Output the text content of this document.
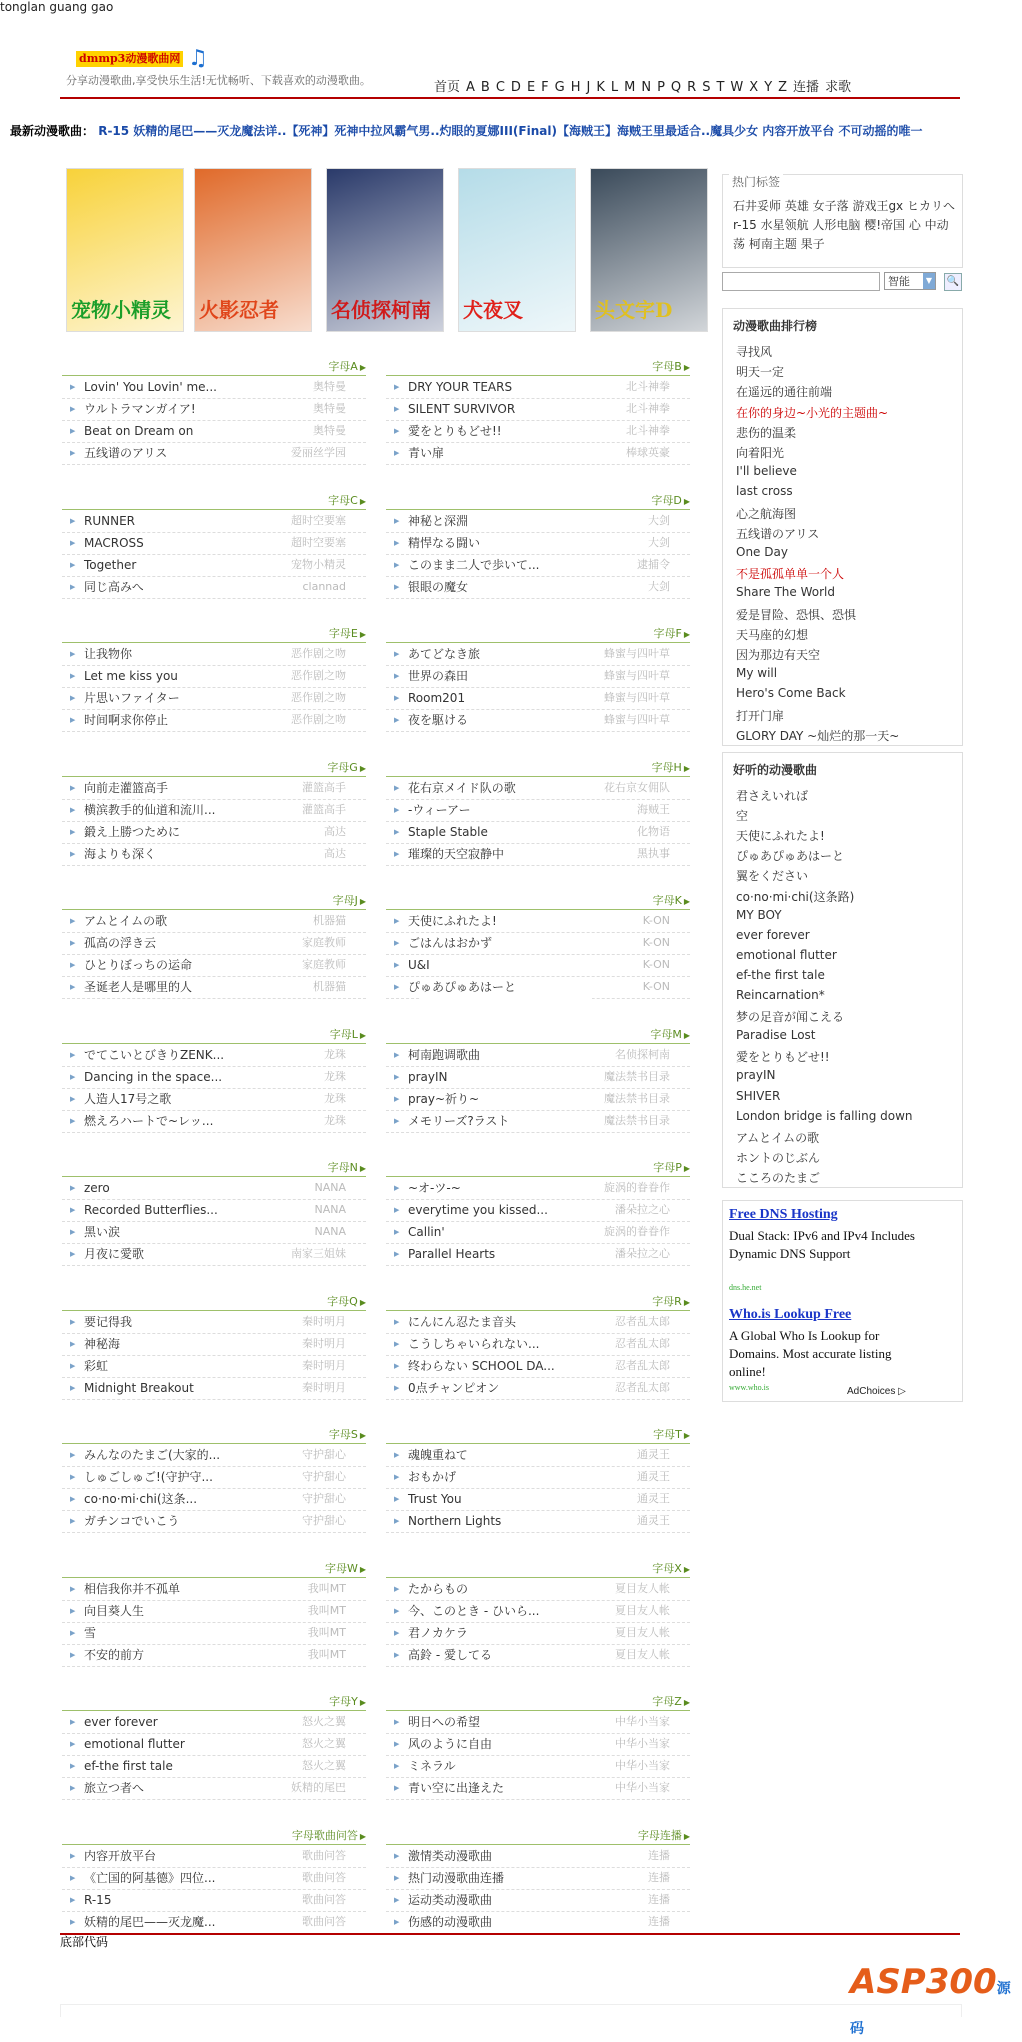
tonglan guang gao
dmmp3动漫歌曲网 ♫
分享动漫歌曲,享受快乐生活!无忧畅听、下载喜欢的动漫歌曲。	首页 A B C D E F G H J K L M N P Q R S T W X Y Z 连播 求歌
最新动漫歌曲： R-15 妖精的尾巴——灭龙魔法详..【死神】死神中拉风霸气男..灼眼的夏娜III(Final)【海贼王】海贼王里最适合..魔具少女 内容开放平台 不可动摇的唯一
宠物小精灵 火影忍者	名侦探柯南 犬夜叉	头文字D
字母A ▶
▶ Lovin' You Lovin' me...	奥特曼
▶ ウルトラマンガイア!	奥特曼
▶ Beat on Dream on	奥特曼
▶ 五线谱のアリス	爱丽丝学园
字母B ▶
▶ DRY YOUR TEARS	北斗神拳
▶ SILENT SURVIVOR	北斗神拳
▶ 愛をとりもどせ!!	北斗神拳
▶ 青い扉	棒球英豪
字母C ▶
▶ RUNNER	超时空要塞
▶ MACROSS	超时空要塞
▶ Together	宠物小精灵
▶ 同じ高みへ	clannad
字母D ▶
▶ 神秘と深淵	大剑
▶ 精悍なる闘い	大剑
▶ このまま二人で歩いて...	逮捕令
▶ 银眼の魔女	大剑
字母E ▶
▶ 让我物你	恶作剧之吻
▶ Let me kiss you	恶作剧之吻
▶ 片思いファイター	恶作剧之吻
▶ 时间啊求你停止	恶作剧之吻
字母F ▶
▶ あてどなき旅	蜂蜜与四叶草
▶ 世界の森田	蜂蜜与四叶草
▶ Room201	蜂蜜与四叶草
▶ 夜を駆ける	蜂蜜与四叶草
字母G ▶
▶ 向前走灌篮高手	灌篮高手
▶ 横滨教手的仙道和流川...	灌篮高手
▶ 鍛え上勝つために	高达
▶ 海よりも深く	高达
字母H ▶
▶ 花右京メイド队の歌	花右京女佣队
▶ -ウィーアー	海贼王
▶ Staple Stable	化物语
▶ 璀璨的天空寂静中	黑执事
字母J ▶
▶ アムとイムの歌	机器猫
▶ 孤高の浮き云	家庭教师
▶ ひとりぼっちの运命	家庭教师
▶ 圣诞老人是哪里的人	机器猫
字母K ▶
▶ 天使にふれたよ!	K-ON
▶ ごはんはおかず	K-ON
▶ U&I	K-ON
▶ ぴゅあぴゅあはーと	K-ON
字母L ▶
▶ でてこいとびきりZENK...	龙珠
▶ Dancing in the space...	龙珠
▶ 人造人17号之歌	龙珠
▶ 燃えろハートで~レッ...	龙珠
字母M ▶
▶ 柯南跑调歌曲	名侦探柯南
▶ prayIN	魔法禁书目录
▶ pray~祈り~	魔法禁书目录
▶ メモリーズ?ラスト	魔法禁书目录
字母N ▶
▶ zero	NANA
▶ Recorded Butterflies...	NANA
▶ 黑い涙	NANA
▶ 月夜に愛歌	南家三姐妹
字母P ▶
▶ ~オ-ツ-~	旋涡的眷眷作
▶ everytime you kissed...	潘朵拉之心
▶ Callin'	旋涡的眷眷作
▶ Parallel Hearts	潘朵拉之心
字母Q ▶
▶ 要记得我	秦时明月
▶ 神秘海	秦时明月
▶ 彩虹	秦时明月
▶ Midnight Breakout	秦时明月
字母R ▶
▶ にんにん忍たま音头	忍者乱太郎
▶ こうしちゃいられない...	忍者乱太郎
▶ 终わらない SCHOOL DA...	忍者乱太郎
▶ 0点チャンピオン	忍者乱太郎
字母S ▶
▶ みんなのたまご(大家的...	守护甜心
▶ しゅごしゅご!(守护守...	守护甜心
▶ co·no·mi·chi(这条...	守护甜心
▶ ガチンコでいこう	守护甜心
字母T ▶
▶ 魂魄重ねて	通灵王
▶ おもかげ	通灵王
▶ Trust You	通灵王
▶ Northern Lights	通灵王
字母W ▶
▶ 相信我你并不孤单	我叫MT
▶ 向目葵人生	我叫MT
▶ 雪	我叫MT
▶ 不安的前方	我叫MT
字母X ▶
▶ たからもの	夏目友人帐
▶ 今、このとき - ひいら...	夏目友人帐
▶ 君ノカケラ	夏目友人帐
▶ 高鈴 - 愛してる	夏目友人帐
字母Y ▶
▶ ever forever	怒火之翼
▶ emotional flutter	怒火之翼
▶ ef-the first tale	怒火之翼
▶ 旅立つ者へ	妖精的尾巴
字母Z ▶
▶ 明日への希望	中华小当家
▶ 风のように自由	中华小当家
▶ ミネラル	中华小当家
▶ 青い空に出逢えた	中华小当家
字母歌曲问答 ▶
▶ 内容开放平台	歌曲问答
▶ 《亡国的阿基德》四位...	歌曲问答
▶ R-15	歌曲问答
▶ 妖精的尾巴——灭龙魔...	歌曲问答
字母连播 ▶
▶ 激情类动漫歌曲	连播
▶ 热门动漫歌曲连播	连播
▶ 运动类动漫歌曲	连播
▶ 伤感的动漫歌曲	连播
热门标签
石井妥师 英雄 女子落 游戏王gx ヒカリへ r-15 水星领航 人形电脑 樱!帝国 心 中动荡 柯南主题 果子
智能	▼ 🔍
动漫歌曲排行榜
寻找风
明天一定
在遥远的通往前端
在你的身边~小光的主题曲~
悲伤的温柔
向着阳光
I'll believe
last cross
心之航海图
五线谱のアリス
One Day
不是孤孤单单一个人
Share The World
爱是冒险、恐惧、恐惧
天马座的幻想
因为那边有天空
My will
Hero's Come Back
打开门扉
GLORY DAY ~灿烂的那一天~
好听的动漫歌曲
君さえいれば
空
天使にふれたよ!
ぴゅあぴゅあはーと
翼をください
co·no·mi·chi(这条路)
MY BOY
ever forever
emotional flutter
ef-the first tale
Reincarnation*
梦の足音が闻こえる
Paradise Lost
愛をとりもどせ!!
prayIN
SHIVER
London bridge is falling down
アムとイムの歌
ホントのじぶん
こころのたまご
Free DNS Hosting
Dual Stack: IPv6 and IPv4 Includes Dynamic DNS Support
dns.he.net
Who.is Lookup Free
A Global Who Is Lookup for Domains. Most accurate listing online!
www.who.is	AdChoices ▷
底部代码
ASP300源码
